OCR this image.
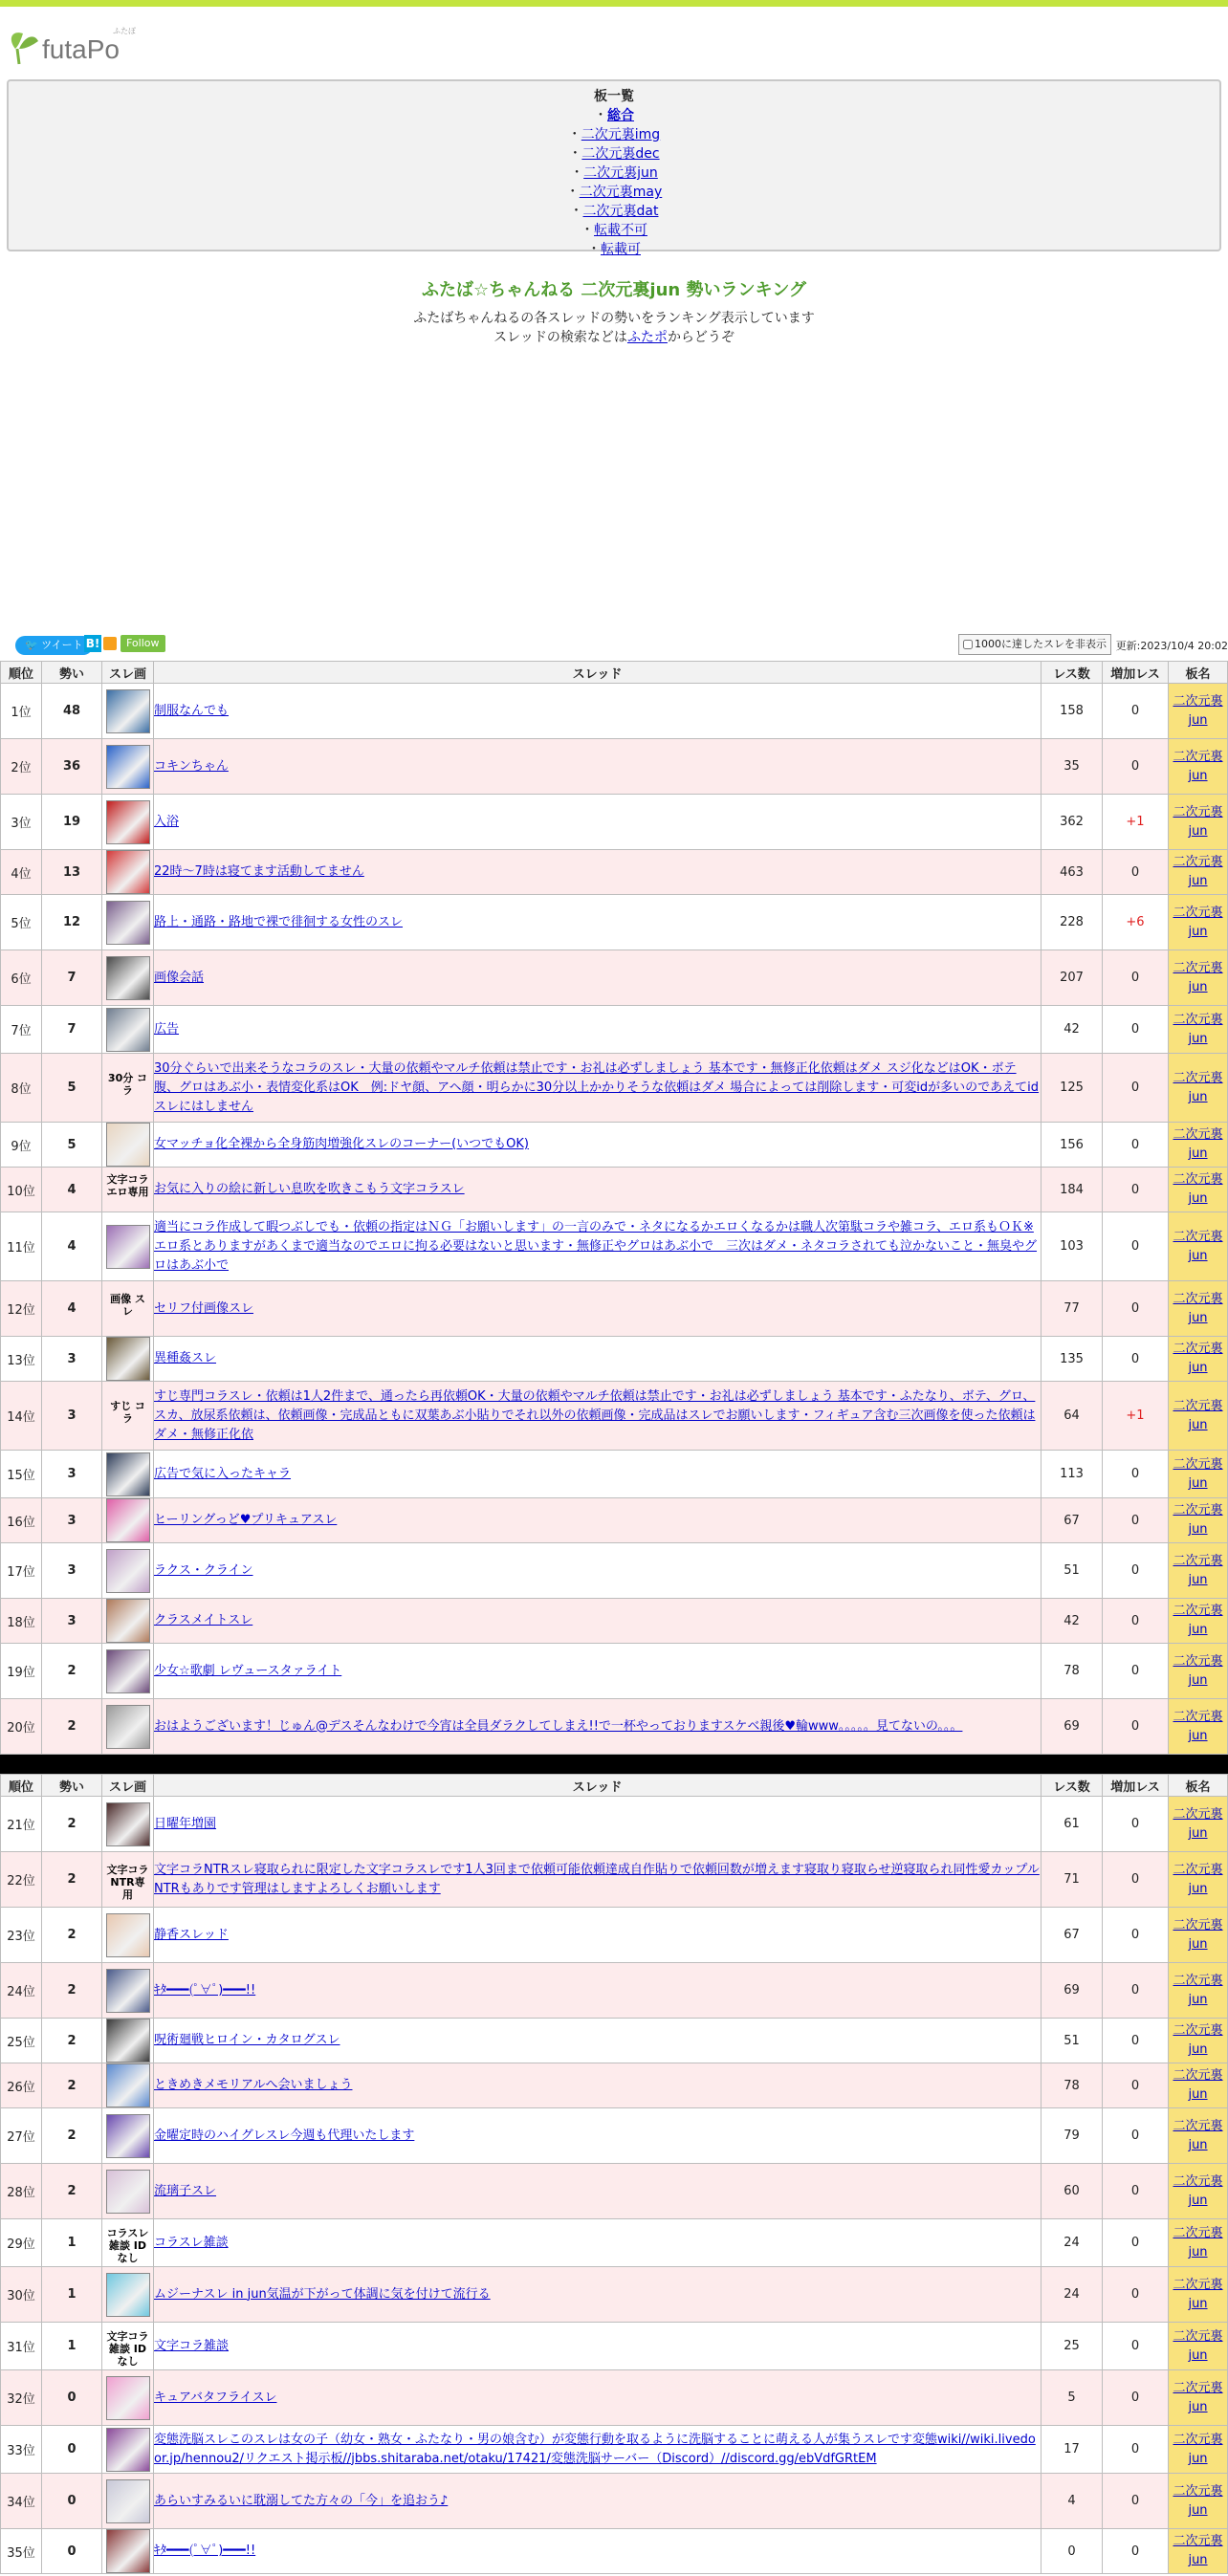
futaPo
ふたぽ
板一覧
・総合
・二次元裏img
・二次元裏dec
・二次元裏jun
・二次元裏may
・二次元裏dat
・転載不可
・転載可
ふたば☆ちゃんねる 二次元裏jun 勢いランキング

ふたばちゃんねるの各スレッドの勢いをランキング表示しています

スレッドの検索などはふたポからどうぞ

🐦 ツイート B!	Follow	1000に達したスレを非表示 更新:2023/10/4 20:02
順位	勢い	スレ画	スレッド	レス数	増加レス	板名
1位	48		制服なんでも	158	0	二次元裏jun
2位	36		コキンちゃん	35	0	二次元裏jun
3位	19		入浴	362	+1	二次元裏jun
4位	13		22時〜7時は寝てます活動してません	463	0	二次元裏jun
5位	12		路上・通路・路地で裸で徘徊する女性のスレ	228	+6	二次元裏jun
6位	7		画像会話	207	0	二次元裏jun
7位	7		広告	42	0	二次元裏jun
8位	5	30分 コラ	30分ぐらいで出来そうなコラのスレ・大量の依頼やマルチ依頼は禁止です・お礼は必ずしましょう 基本です・無修正化依頼はダメ スジ化などはOK・ボテ腹、グロはあぶ小・表情変化系はOK　例:ドヤ顔、アヘ顔・明らかに30分以上かかりそうな依頼はダメ 場合によっては削除します・可変idが多いのであえてidスレにはしません	125	0	二次元裏jun
9位	5		女マッチョ化全裸から全身筋肉増強化スレのコーナー(いつでもOK)	156	0	二次元裏jun
10位	4	文字コラ エロ専用	お気に入りの絵に新しい息吹を吹きこもう文字コラスレ	184	0	二次元裏jun
11位	4		適当にコラ作成して暇つぶしでも・依頼の指定はＮＧ「お願いします」の一言のみで・ネタになるかエロくなるかは職人次第駄コラや雑コラ、エロ系もＯＫ※エロ系とありますがあくまで適当なのでエロに拘る必要はないと思います・無修正やグロはあぶ小で　三次はダメ・ネタコラされても泣かないこと・無臭やグロはあぶ小で	103	0	二次元裏jun
12位	4	画像 スレ	セリフ付画像スレ	77	0	二次元裏jun
13位	3		異種姦スレ	135	0	二次元裏jun
14位	3	すじ コラ	すじ専門コラスレ・依頼は1人2件まで、通ったら再依頼OK・大量の依頼やマルチ依頼は禁止です・お礼は必ずしましょう 基本です・ふたなり、ボテ、グロ、スカ、放尿系依頼は、依頼画像・完成品ともに双葉あぶ小貼りでそれ以外の依頼画像・完成品はスレでお願いします・フィギュア含む三次画像を使った依頼はダメ・無修正化依	64	+1	二次元裏jun
15位	3		広告で気に入ったキャラ	113	0	二次元裏jun
16位	3		ヒーリングっど♥プリキュアスレ	67	0	二次元裏jun
17位	3		ラクス・クライン	51	0	二次元裏jun
18位	3		クラスメイトスレ	42	0	二次元裏jun
19位	2		少女☆歌劇 レヴュースタァライト	78	0	二次元裏jun
20位	2		おはようございます！じゅん@デスそんなわけで今宵は全員ダラクしてしまえ!!で一杯やっておりますスケベ親後♥輪www。。。。。見てないの。。。	69	0	二次元裏jun
順位	勢い	スレ画	スレッド	レス数	増加レス	板名
21位	2		日曜年増園	61	0	二次元裏jun
22位	2	文字コラ NTR専用	文字コラNTRスレ寝取られに限定した文字コラスレです1人3回まで依頼可能依頼達成自作貼りで依頼回数が増えます寝取り寝取らせ逆寝取られ同性愛カップルNTRもありです管理はしますよろしくお願いします	71	0	二次元裏jun
23位	2		静香スレッド	67	0	二次元裏jun
24位	2		ｷﾀ━━━(ﾟ∀ﾟ)━━━!!	69	0	二次元裏jun
25位	2		呪術廻戦ヒロイン・カタログスレ	51	0	二次元裏jun
26位	2		ときめきメモリアルへ会いましょう	78	0	二次元裏jun
27位	2		金曜定時のハイグレスレ今週も代理いたします	79	0	二次元裏jun
28位	2		流璃子スレ	60	0	二次元裏jun
29位	1	コラスレ雑談 IDなし	コラスレ雑談	24	0	二次元裏jun
30位	1		ムジーナスレ in jun気温が下がって体調に気を付けて流行る	24	0	二次元裏jun
31位	1	文字コラ雑談 IDなし	文字コラ雑談	25	0	二次元裏jun
32位	0		キュアバタフライスレ	5	0	二次元裏jun
33位	0		変態洗脳スレこのスレは女の子（幼女・熟女・ふたなり・男の娘含む）が変態行動を取るように洗脳することに萌える人が集うスレです変態wiki//wiki.livedoor.jp/hennou2/リクエスト掲示板//jbbs.shitaraba.net/otaku/17421/変態洗脳サーバー（Discord）//discord.gg/ebVdfGRtEM	17	0	二次元裏jun
34位	0		あらいすみるいに耽溺してた方々の「今」を追おう♪	4	0	二次元裏jun
35位	0		ｷﾀ━━━(ﾟ∀ﾟ)━━━!!	0	0	二次元裏jun
